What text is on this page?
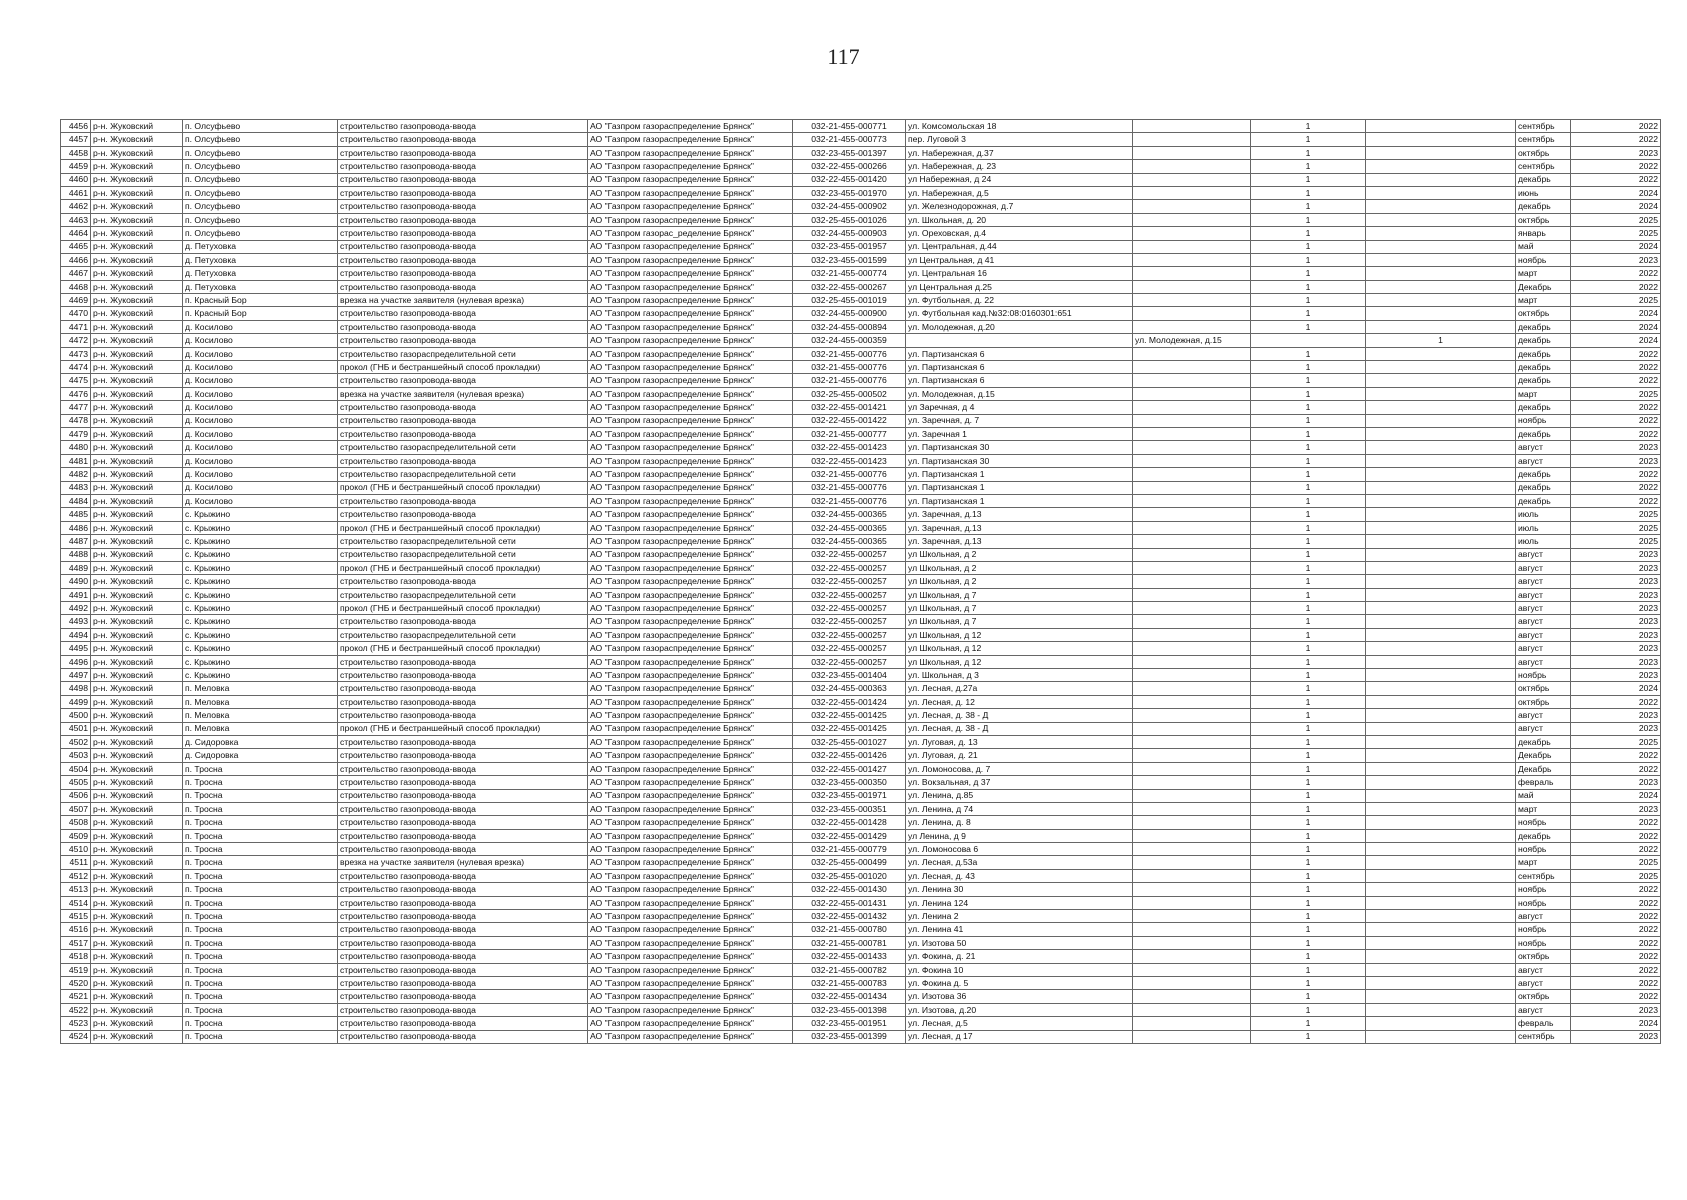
117
4456	р-н. Жуковский	п. Олсуфьево	строительство газопровода-ввода	АО "Газпром газораспределение Брянск"	032-21-455-000771	ул. Комсомольская 18		1		сентябрь	2022
4457	р-н. Жуковский	п. Олсуфьево	строительство газопровода-ввода	АО "Газпром газораспределение Брянск"	032-21-455-000773	пер. Луговой 3		1		сентябрь	2022
4458	р-н. Жуковский	п. Олсуфьево	строительство газопровода-ввода	АО "Газпром газораспределение Брянск"	032-23-455-001397	ул. Набережная, д.37		1		октябрь	2023
4459	р-н. Жуковский	п. Олсуфьево	строительство газопровода-ввода	АО "Газпром газораспределение Брянск"	032-22-455-000266	ул. Набережная, д. 23		1		сентябрь	2022
4460	р-н. Жуковский	п. Олсуфьево	строительство газопровода-ввода	АО "Газпром газораспределение Брянск"	032-22-455-001420	ул Набережная, д 24		1		декабрь	2022
4461	р-н. Жуковский	п. Олсуфьево	строительство газопровода-ввода	АО "Газпром газораспределение Брянск"	032-23-455-001970	ул. Набережная, д.5		1		июнь	2024
4462	р-н. Жуковский	п. Олсуфьево	строительство газопровода-ввода	АО "Газпром газораспределение Брянск"	032-24-455-000902	ул. Железнодорожная, д.7		1		декабрь	2024
4463	р-н. Жуковский	п. Олсуфьево	строительство газопровода-ввода	АО "Газпром газораспределение Брянск"	032-25-455-001026	ул. Школьная, д. 20		1		октябрь	2025
4464	р-н. Жуковский	п. Олсуфьево	строительство газопровода-ввода	АО "Газпром газорас_ределение Брянск"	032-24-455-000903	ул. Ореховская, д.4		1		январь	2025
4465	р-н. Жуковский	д. Петуховка	строительство газопровода-ввода	АО "Газпром газораспределение Брянск"	032-23-455-001957	ул. Центральная, д.44		1		май	2024
4466	р-н. Жуковский	д. Петуховка	строительство газопровода-ввода	АО "Газпром газораспределение Брянск"	032-23-455-001599	ул Центральная, д 41		1		ноябрь	2023
4467	р-н. Жуковский	д. Петуховка	строительство газопровода-ввода	АО "Газпром газораспределение Брянск"	032-21-455-000774	ул. Центральная 16		1		март	2022
4468	р-н. Жуковский	д. Петуховка	строительство газопровода-ввода	АО "Газпром газораспределение Брянск"	032-22-455-000267	ул Центральная д.25		1		Декабрь	2022
4469	р-н. Жуковский	п. Красный Бор	врезка на участке заявителя (нулевая врезка)	АО "Газпром газораспределение Брянск"	032-25-455-001019	ул. Футбольная, д. 22		1		март	2025
4470	р-н. Жуковский	п. Красный Бор	строительство газопровода-ввода	АО "Газпром газораспределение Брянск"	032-24-455-000900	ул. Футбольная кад.№32:08:0160301:651		1		октябрь	2024
4471	р-н. Жуковский	д. Косилово	строительство газопровода-ввода	АО "Газпром газораспределение Брянск"	032-24-455-000894	ул. Молодежная, д.20		1		декабрь	2024
4472	р-н. Жуковский	д. Косилово	строительство газопровода-ввода	АО "Газпром газораспределение Брянск"	032-24-455-000359		ул. Молодежная, д.15		1	декабрь	2024
4473	р-н. Жуковский	д. Косилово	строительство газораспределительной сети	АО "Газпром газораспределение Брянск"	032-21-455-000776	ул. Партизанская 6		1		декабрь	2022
4474	р-н. Жуковский	д. Косилово	прокол (ГНБ и бестраншейный способ прокладки)	АО "Газпром газораспределение Брянск"	032-21-455-000776	ул. Партизанская 6		1		декабрь	2022
4475	р-н. Жуковский	д. Косилово	строительство газопровода-ввода	АО "Газпром газораспределение Брянск"	032-21-455-000776	ул. Партизанская 6		1		декабрь	2022
4476	р-н. Жуковский	д. Косилово	врезка на участке заявителя (нулевая врезка)	АО "Газпром газораспределение Брянск"	032-25-455-000502	ул. Молодежная, д.15		1		март	2025
4477	р-н. Жуковский	д. Косилово	строительство газопровода-ввода	АО "Газпром газораспределение Брянск"	032-22-455-001421	ул Заречная, д 4		1		декабрь	2022
4478	р-н. Жуковский	д. Косилово	строительство газопровода-ввода	АО "Газпром газораспределение Брянск"	032-22-455-001422	ул. Заречная, д. 7		1		ноябрь	2022
4479	р-н. Жуковский	д. Косилово	строительство газопровода-ввода	АО "Газпром газораспределение Брянск"	032-21-455-000777	ул. Заречная 1		1		декабрь	2022
4480	р-н. Жуковский	д. Косилово	строительство газораспределительной сети	АО "Газпром газораспределение Брянск"	032-22-455-001423	ул. Партизанская 30		1		август	2023
4481	р-н. Жуковский	д. Косилово	строительство газопровода-ввода	АО "Газпром газораспределение Брянск"	032-22-455-001423	ул. Партизанская 30		1		август	2023
4482	р-н. Жуковский	д. Косилово	строительство газораспределительной сети	АО "Газпром газораспределение Брянск"	032-21-455-000776	ул. Партизанская 1		1		декабрь	2022
4483	р-н. Жуковский	д. Косилово	прокол (ГНБ и бестраншейный способ прокладки)	АО "Газпром газораспределение Брянск"	032-21-455-000776	ул. Партизанская 1		1		декабрь	2022
4484	р-н. Жуковский	д. Косилово	строительство газопровода-ввода	АО "Газпром газораспределение Брянск"	032-21-455-000776	ул. Партизанская 1		1		декабрь	2022
4485	р-н. Жуковский	с. Крыжино	строительство газопровода-ввода	АО "Газпром газораспределение Брянск"	032-24-455-000365	ул. Заречная, д.13		1		июль	2025
4486	р-н. Жуковский	с. Крыжино	прокол (ГНБ и бестраншейный способ прокладки)	АО "Газпром газораспределение Брянск"	032-24-455-000365	ул. Заречная, д.13		1		июль	2025
4487	р-н. Жуковский	с. Крыжино	строительство газораспределительной сети	АО "Газпром газораспределение Брянск"	032-24-455-000365	ул. Заречная, д.13		1		июль	2025
4488	р-н. Жуковский	с. Крыжино	строительство газораспределительной сети	АО "Газпром газораспределение Брянск"	032-22-455-000257	ул Школьная, д 2		1		август	2023
4489	р-н. Жуковский	с. Крыжино	прокол (ГНБ и бестраншейный способ прокладки)	АО "Газпром газораспределение Брянск"	032-22-455-000257	ул Школьная, д 2		1		август	2023
4490	р-н. Жуковский	с. Крыжино	строительство газопровода-ввода	АО "Газпром газораспределение Брянск"	032-22-455-000257	ул Школьная, д 2		1		август	2023
4491	р-н. Жуковский	с. Крыжино	строительство газораспределительной сети	АО "Газпром газораспределение Брянск"	032-22-455-000257	ул Школьная, д 7		1		август	2023
4492	р-н. Жуковский	с. Крыжино	прокол (ГНБ и бестраншейный способ прокладки)	АО "Газпром газораспределение Брянск"	032-22-455-000257	ул Школьная, д 7		1		август	2023
4493	р-н. Жуковский	с. Крыжино	строительство газопровода-ввода	АО "Газпром газораспределение Брянск"	032-22-455-000257	ул Школьная, д 7		1		август	2023
4494	р-н. Жуковский	с. Крыжино	строительство газораспределительной сети	АО "Газпром газораспределение Брянск"	032-22-455-000257	ул Школьная, д 12		1		август	2023
4495	р-н. Жуковский	с. Крыжино	прокол (ГНБ и бестраншейный способ прокладки)	АО "Газпром газораспределение Брянск"	032-22-455-000257	ул Школьная, д 12		1		август	2023
4496	р-н. Жуковский	с. Крыжино	строительство газопровода-ввода	АО "Газпром газораспределение Брянск"	032-22-455-000257	ул Школьная, д 12		1		август	2023
4497	р-н. Жуковский	с. Крыжино	строительство газопровода-ввода	АО "Газпром газораспределение Брянск"	032-23-455-001404	ул. Школьная, д 3		1		ноябрь	2023
4498	р-н. Жуковский	п. Меловка	строительство газопровода-ввода	АО "Газпром газораспределение Брянск"	032-24-455-000363	ул. Лесная, д.27а		1		октябрь	2024
4499	р-н. Жуковский	п. Меловка	строительство газопровода-ввода	АО "Газпром газораспределение Брянск"	032-22-455-001424	ул. Лесная, д. 12		1		октябрь	2022
4500	р-н. Жуковский	п. Меловка	строительство газопровода-ввода	АО "Газпром газораспределение Брянск"	032-22-455-001425	ул. Лесная, д. 38 - Д		1		август	2023
4501	р-н. Жуковский	п. Меловка	прокол (ГНБ и бестраншейный способ прокладки)	АО "Газпром газораспределение Брянск"	032-22-455-001425	ул. Лесная, д. 38 - Д		1		август	2023
4502	р-н. Жуковский	д. Сидоровка	строительство газопровода-ввода	АО "Газпром газораспределение Брянск"	032-25-455-001027	ул. Луговая, д. 13		1		декабрь	2025
4503	р-н. Жуковский	д. Сидоровка	строительство газопровода-ввода	АО "Газпром газораспределение Брянск"	032-22-455-001426	ул. Луговая, д. 21		1		Декабрь	2022
4504	р-н. Жуковский	п. Тросна	строительство газопровода-ввода	АО "Газпром газораспределение Брянск"	032-22-455-001427	ул. Ломоносова, д. 7		1		Декабрь	2022
4505	р-н. Жуковский	п. Тросна	строительство газопровода-ввода	АО "Газпром газораспределение Брянск"	032-23-455-000350	ул. Вокзальная, д 37		1		февраль	2023
4506	р-н. Жуковский	п. Тросна	строительство газопровода-ввода	АО "Газпром газораспределение Брянск"	032-23-455-001971	ул. Ленина, д.85		1		май	2024
4507	р-н. Жуковский	п. Тросна	строительство газопровода-ввода	АО "Газпром газораспределение Брянск"	032-23-455-000351	ул. Ленина, д 74		1		март	2023
4508	р-н. Жуковский	п. Тросна	строительство газопровода-ввода	АО "Газпром газораспределение Брянск"	032-22-455-001428	ул. Ленина, д. 8		1		ноябрь	2022
4509	р-н. Жуковский	п. Тросна	строительство газопровода-ввода	АО "Газпром газораспределение Брянск"	032-22-455-001429	ул Ленина, д 9		1		декабрь	2022
4510	р-н. Жуковский	п. Тросна	строительство газопровода-ввода	АО "Газпром газораспределение Брянск"	032-21-455-000779	ул. Ломоносова 6		1		ноябрь	2022
4511	р-н. Жуковский	п. Тросна	врезка на участке заявителя (нулевая врезка)	АО "Газпром газораспределение Брянск"	032-25-455-000499	ул. Лесная, д.53а		1		март	2025
4512	р-н. Жуковский	п. Тросна	строительство газопровода-ввода	АО "Газпром газораспределение Брянск"	032-25-455-001020	ул. Лесная, д. 43		1		сентябрь	2025
4513	р-н. Жуковский	п. Тросна	строительство газопровода-ввода	АО "Газпром газораспределение Брянск"	032-22-455-001430	ул. Ленина 30		1		ноябрь	2022
4514	р-н. Жуковский	п. Тросна	строительство газопровода-ввода	АО "Газпром газораспределение Брянск"	032-22-455-001431	ул. Ленина 124		1		ноябрь	2022
4515	р-н. Жуковский	п. Тросна	строительство газопровода-ввода	АО "Газпром газораспределение Брянск"	032-22-455-001432	ул. Ленина 2		1		август	2022
4516	р-н. Жуковский	п. Тросна	строительство газопровода-ввода	АО "Газпром газораспределение Брянск"	032-21-455-000780	ул. Ленина 41		1		ноябрь	2022
4517	р-н. Жуковский	п. Тросна	строительство газопровода-ввода	АО "Газпром газораспределение Брянск"	032-21-455-000781	ул. Изотова 50		1		ноябрь	2022
4518	р-н. Жуковский	п. Тросна	строительство газопровода-ввода	АО "Газпром газораспределение Брянск"	032-22-455-001433	ул. Фокина, д. 21		1		октябрь	2022
4519	р-н. Жуковский	п. Тросна	строительство газопровода-ввода	АО "Газпром газораспределение Брянск"	032-21-455-000782	ул. Фокина 10		1		август	2022
4520	р-н. Жуковский	п. Тросна	строительство газопровода-ввода	АО "Газпром газораспределение Брянск"	032-21-455-000783	ул. Фокина д. 5		1		август	2022
4521	р-н. Жуковский	п. Тросна	строительство газопровода-ввода	АО "Газпром газораспределение Брянск"	032-22-455-001434	ул. Изотова 36		1		октябрь	2022
4522	р-н. Жуковский	п. Тросна	строительство газопровода-ввода	АО "Газпром газораспределение Брянск"	032-23-455-001398	ул. Изотова, д.20		1		август	2023
4523	р-н. Жуковский	п. Тросна	строительство газопровода-ввода	АО "Газпром газораспределение Брянск"	032-23-455-001951	ул. Лесная, д.5		1		февраль	2024
4524	р-н. Жуковский	п. Тросна	строительство газопровода-ввода	АО "Газпром газораспределение Брянск"	032-23-455-001399	ул. Лесная, д 17		1		сентябрь	2023
